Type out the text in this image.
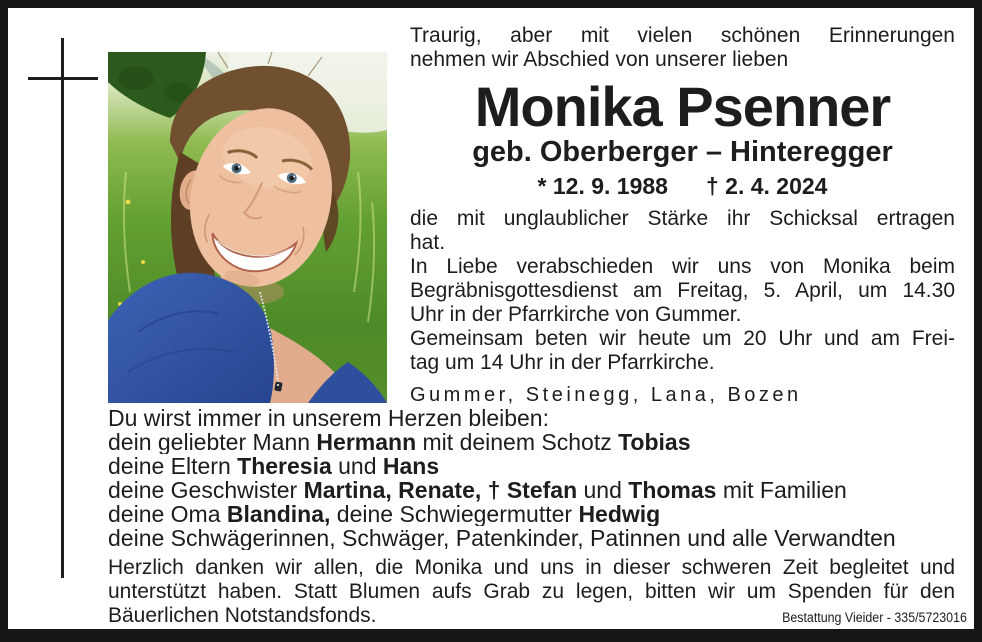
Traurig, aber mit vielen schönen Erinnerungen
nehmen wir Abschied von unserer lieben
Monika Psenner
geb. Oberberger – Hinteregger
* 12. 9. 1988 † 2. 4. 2024
die mit unglaublicher Stärke ihr Schicksal ertragen
hat.
In Liebe verabschieden wir uns von Monika beim
Begräbnisgottesdienst am Freitag, 5. April, um 14.30
Uhr in der Pfarrkirche von Gummer.
Gemeinsam beten wir heute um 20 Uhr und am Frei-
tag um 14 Uhr in der Pfarrkirche.
Gummer, Steinegg, Lana, Bozen
Du wirst immer in unserem Herzen bleiben:
dein geliebter Mann Hermann mit deinem Schotz Tobias
deine Eltern Theresia und Hans
deine Geschwister Martina, Renate, † Stefan und Thomas mit Familien
deine Oma Blandina, deine Schwiegermutter Hedwig
deine Schwägerinnen, Schwäger, Patenkinder, Patinnen und alle Verwandten
Herzlich danken wir allen, die Monika und uns in dieser schweren Zeit begleitet und
unterstützt haben. Statt Blumen aufs Grab zu legen, bitten wir um Spenden für den
Bäuerlichen Notstandsfonds.	Bestattung Vieider - 335/5723016
